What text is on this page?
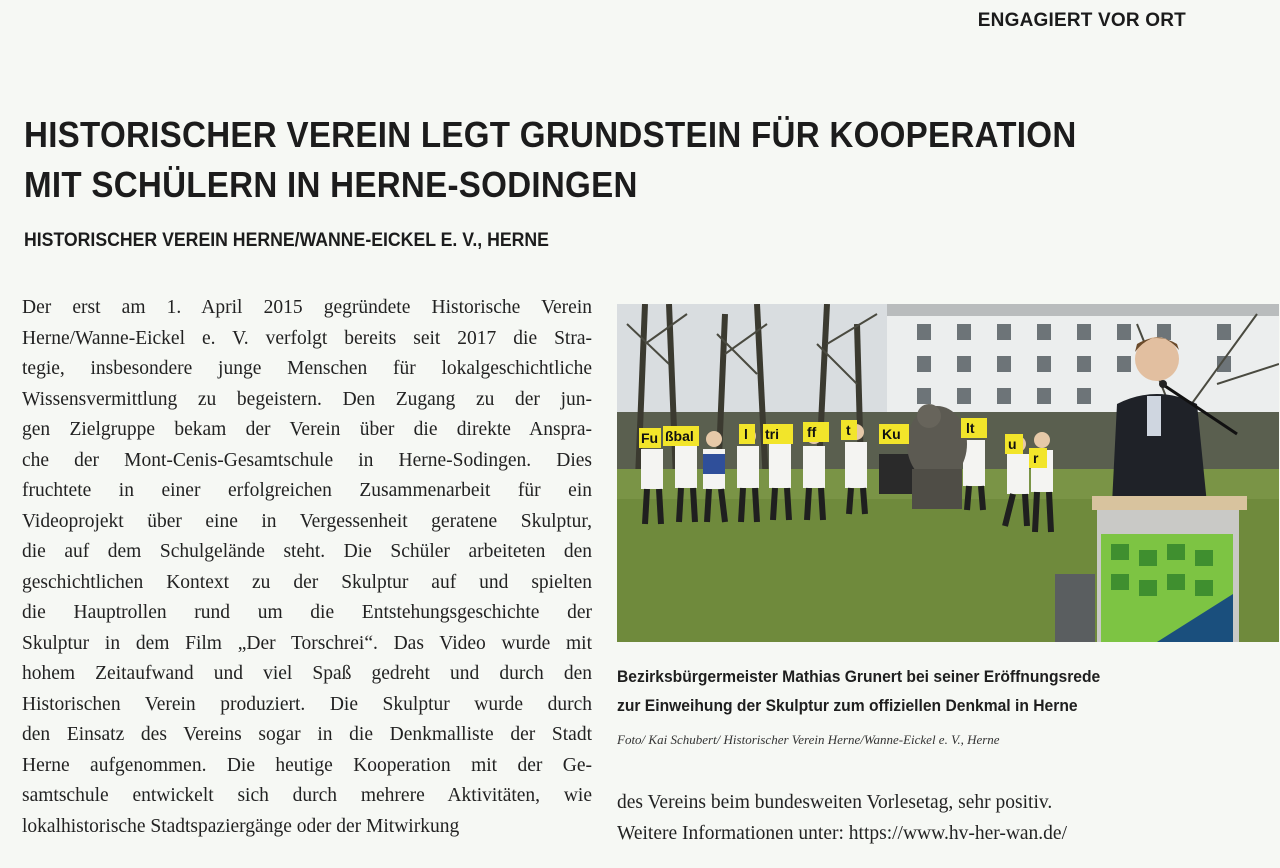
ENGAGIERT VOR ORT
HISTORISCHER VEREIN LEGT GRUNDSTEIN FÜR KOOPERATION
MIT SCHÜLERN IN HERNE-SODINGEN
HISTORISCHER VEREIN HERNE/WANNE-EICKEL E. V., HERNE
Der erst am 1. April 2015 gegründete Historische Verein
Herne/Wanne-Eickel e. V. verfolgt bereits seit 2017 die Stra-
tegie, insbesondere junge Menschen für lokalgeschichtliche
Wissensvermittlung zu begeistern. Den Zugang zu der jun-
gen Zielgruppe bekam der Verein über die direkte Anspra-
che der Mont-Cenis-Gesamtschule in Herne-Sodingen. Dies
fruchtete in einer erfolgreichen Zusammenarbeit für ein
Videoprojekt über eine in Vergessenheit geratene Skulptur,
die auf dem Schulgelände steht. Die Schüler arbeiteten den
geschichtlichen Kontext zu der Skulptur auf und spielten
die Hauptrollen rund um die Entstehungsgeschichte der
Skulptur in dem Film „Der Torschrei“. Das Video wurde mit
hohem Zeitaufwand und viel Spaß gedreht und durch den
Historischen Verein produziert. Die Skulptur wurde durch
den Einsatz des Vereins sogar in die Denkmalliste der Stadt
Herne aufgenommen. Die heutige Kooperation mit der Ge-
samtschule entwickelt sich durch mehrere Aktivitäten, wie
lokalhistorische Stadtspaziergänge oder der Mitwirkung
Fu ßbal	l tri ff t Ku	lt
u
r
Bezirksbürgermeister Mathias Grunert bei seiner Eröffnungsrede
zur Einweihung der Skulptur zum offiziellen Denkmal in Herne
Foto/ Kai Schubert/ Historischer Verein Herne/Wanne-Eickel e. V., Herne
des Vereins beim bundesweiten Vorlesetag, sehr positiv.
Weitere Informationen unter: https://www.hv-her-wan.de/
